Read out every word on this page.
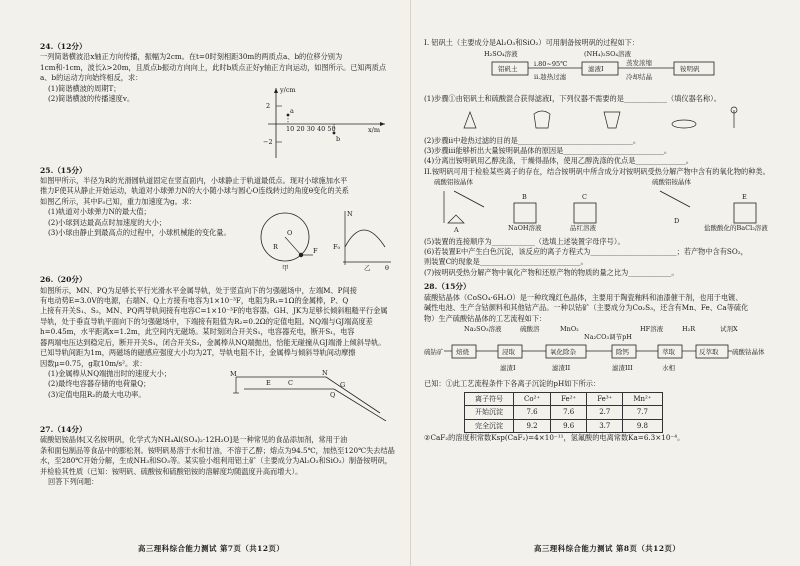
24.（12分）

一列简谐横波沿x轴正方向传播，振幅为2cm。在t=0时刻相距30m的两质点a、b的位移分别为

1cm和-1cm，波长λ>20m，且质点b振动方向向上，此时b质点正好y轴正方向运动，如图所示。已知两质点

a、b的运动方向始终相反，求：

(1)简谐横波的周期T；

(2)简谐横波的传播速度v。

a
b
y/cm
x/m
2
−2
10 20 30 40 50

25.（15分）

如图甲所示，半径为R的光滑圆轨道固定在竖直面内，小球静止于轨道最低点。现对小球施加水平

推力F使其从静止开始运动，轨道对小球弹力N的大小随小球与圆心O连线转过的角度θ变化的关系

如图乙所示，其中F₀已知，重力加速度为g。求：

(1)轨道对小球弹力N的最大值；

(2)小球到达最高点时加速度的大小；

(3)小球由静止到最高点的过程中，小球机械能的变化量。

F
O
R
甲
N
F₀
θ
乙

26.（20分）

如图所示，MN、PQ为足够长平行光滑水平金属导轨，处于竖直向下的匀强磁场中，左端M、P间接

有电动势E=3.0V的电源，右端N、Q上方接有电容为1×10⁻³F，电阻为R₁=1Ω的金属棒，P、Q

上接有开关S₁、S₂，MN、PQ两导轨间接有电容C=1×10⁻³F的电容器。GH、JK为足够长倾斜粗糙平行金属

导轨，处于垂直导轨平面向下的匀强磁场中，下端接有阻值为R₂=0.2Ω的定值电阻。NQ端与GJ端高度差

h=0.45m，水平距离x=1.2m，此空间内无磁场。某时刻闭合开关S₁，电容器充电，断开S₁，电容

器两端电压达到稳定后，断开开关S₁，闭合开关S₂，金属棒从NQ端抛出，恰能无碰撞从GJ端滑上倾斜导轨。

已知导轨间距为1m，两磁场的磁感应强度大小均为2T，导轨电阻不计，金属棒与倾斜导轨间动摩擦

因数μ=0.75，g取10m/s²。求：

(1)金属棒从NQ端抛出时的速度大小；

(2)最终电容器存储的电荷量Q；

(3)定值电阻R₂的最大电功率。

M	N
Q
G
E	C

27.（14分）

硫酸铝铵晶体[又名铵明矾，化学式为NH₄Al(SO₄)₂·12H₂O]是一种常见的食品添加剂，常用于油

条和面包制品等食品中的膨松剂。铵明矾易溶于水和甘油，不溶于乙醇；熔点为94.5℃，加热至120℃失去结晶

水，至280℃开始分解，生成NH₃和SO₃等。某实验小组利用铝土矿（主要成分为Al₂O₃和SiO₂）制备铵明矾，

并检验其性质（已知：铵明矾、硫酸铵和硫酸铝铵的溶解度均随温度升高而增大）。

回答下列问题：

高三理科综合能力测试 第7页（共12页）

I. 铝矾土（主要成分是Al₂O₃和SiO₂）可用制备铵明矾的过程如下：

H₂SO₄溶液	(NH₄)₂SO₄溶液
铝矾土
i.80~95℃
ii.趁热过滤
滤液I
蒸发浓缩
冷却结晶
铵明矾

(1)步骤①由铝矾土和硫酸混合获得滤液I，下列仪器不需要的是____________（填仪器名称）。

(2)步骤ⅱ中趁热过滤的目的是________________________________。

(3)步骤ⅲ能够析出大量铵明矾晶体的原因是____________________________。

(4)分离出铵明矾用乙醇洗涤，干燥得晶体，使用乙醇洗涤的优点是______________。

II.铵明矾可用于检验某些离子的存在，结合铵明矾中所含成分对铵明矾受热分解产物中含有的氧化物的种类。

硫酸铝铵晶体	硫酸铝铵晶体
NaOH溶液	品红溶液	盐酸酸化的BaCl₂溶液
A
B	C
D
E

(5)装置的连接顺序为____________（选填上述装置字母序号）。

(6)若装置E中产生白色沉淀，该反应的离子方程式为________________________；若产物中含有SO₂，

则装置C的现象是____________________________。

(7)铵明矾受热分解产物中氧化产物和还原产物的物质的量之比为____________。

28.（15分）

硫酸钴晶体（CoSO₄·6H₂O）是一种玫瑰红色晶体，主要用于陶瓷釉料和油漆催干剂，也用于电镀、

碱性电池、生产含钴颜料和其他钴产品。一种以钴矿（主要成分为Co₂S₃，还含有Mn、Fe、Ca等硫化

物）生产硫酸钴晶体的工艺流程如下：

Na₂SO₃溶液	硫酸溶	MnO₂
Na₂CO₃调节pH
HF溶液	H₂R	试剂X
硫钴矿 焙烧	浸取	氧化除杂	除钙	萃取	反萃取 硫酸钴晶体
滤渣I	滤渣II	滤渣III	水相

已知：①此工艺流程条件下各离子沉淀的pH如下所示：

离子符号	Co²⁺	Fe²⁺	Fe³⁺	Mn²⁺
开始沉淀	7.6	7.6	2.7	7.7
完全沉淀	9.2	9.6	3.7	9.8

②CaF₂的溶度积常数Ksp(CaF₂)=4×10⁻¹¹，氢氟酸的电离常数Ka=6.3×10⁻⁴。

高三理科综合能力测试 第8页（共12页）
